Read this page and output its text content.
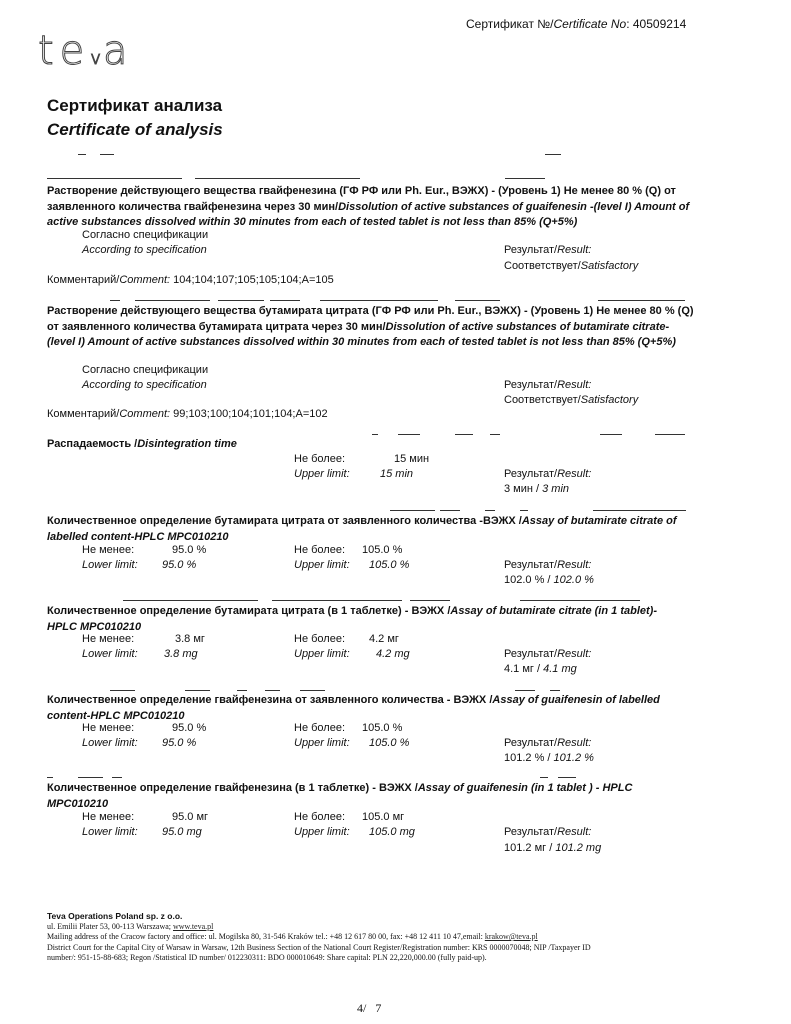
Сертификат №/Certificate No: 40509214
teva
Сертификат анализа
Certificate of analysis
Растворение действующего вещества гвайфенезина (ГФ РФ или Ph. Eur., ВЭЖХ) - (Уровень 1) Не менее 80 % (Q) от заявленного количества гвайфенезина через 30 мин/Dissolution of active substances of guaifenesin -(level I) Amount of active substances dissolved within 30 minutes from each of tested tablet is not less than 85% (Q+5%)
Согласно спецификации
According to specification	Результат/Result:
Соответствует/Satisfactory
Комментарий/Comment: 104;104;107;105;105;104;A=105
Растворение действующего вещества бутамирата цитрата (ГФ РФ или Ph. Eur., ВЭЖХ) - (Уровень 1) Не менее 80 % (Q) от заявленного количества бутамирата цитрата через 30 мин/Dissolution of active substances of butamirate citrate-(level I) Amount of active substances dissolved within 30 minutes from each of tested tablet is not less than 85% (Q+5%)
Согласно спецификации
According to specification	Результат/Result:
Соответствует/Satisfactory
Комментарий/Comment: 99;103;100;104;101;104;A=102
Распадаемость /Disintegration time
Не более:	15 мин
Upper limit:	15 min	Результат/Result:
3 мин / 3 min
Количественное определение бутамирата цитрата от заявленного количества -ВЭЖХ /Assay of butamirate citrate of labelled content-HPLC MPC010210
Не менее:	95.0 %	Не более: 105.0 %
Lower limit: 95.0 %	Upper limit: 105.0 %	Результат/Result:
102.0 % / 102.0 %
Количественное определение бутамирата цитрата (в 1 таблетке) - ВЭЖХ /Assay of butamirate citrate (in 1 tablet)- HPLC MPC010210
Не менее:	3.8 мг	Не более: 4.2 мг
Lower limit: 3.8 mg	Upper limit: 4.2 mg	Результат/Result:
4.1 мг / 4.1 mg
Количественное определение гвайфенезина от заявленного количества - ВЭЖХ /Assay of guaifenesin of labelled content-HPLC MPC010210
Не менее:	95.0 %	Не более: 105.0 %
Lower limit: 95.0 %	Upper limit: 105.0 %	Результат/Result:
101.2 % / 101.2 %
Количественное определение гвайфенезина (в 1 таблетке) - ВЭЖХ /Assay of guaifenesin (in 1 tablet ) - HPLC MPC010210
Не менее:	95.0 мг	Не более: 105.0 мг
Lower limit: 95.0 mg	Upper limit: 105.0 mg	Результат/Result:
101.2 мг / 101.2 mg
Teva Operations Poland sp. z o.o.
ul. Emilii Plater 53, 00-113 Warszawa; www.teva.pl
Mailing address of the Cracow factory and office: ul. Mogilska 80, 31-546 Kraków tel.: +48 12 617 80 00, fax: +48 12 411 10 47,email: krakow@teva.pl
District Court for the Capital City of Warsaw in Warsaw, 12th Business Section of the National Court Register/Registration number: KRS 0000070048; NIP /Taxpayer ID
number/: 951-15-88-683; Regon /Statistical ID number/ 012230311: BDO 000010649: Share capital: PLN 22,220,000.00 (fully paid-up).
4/ 7
